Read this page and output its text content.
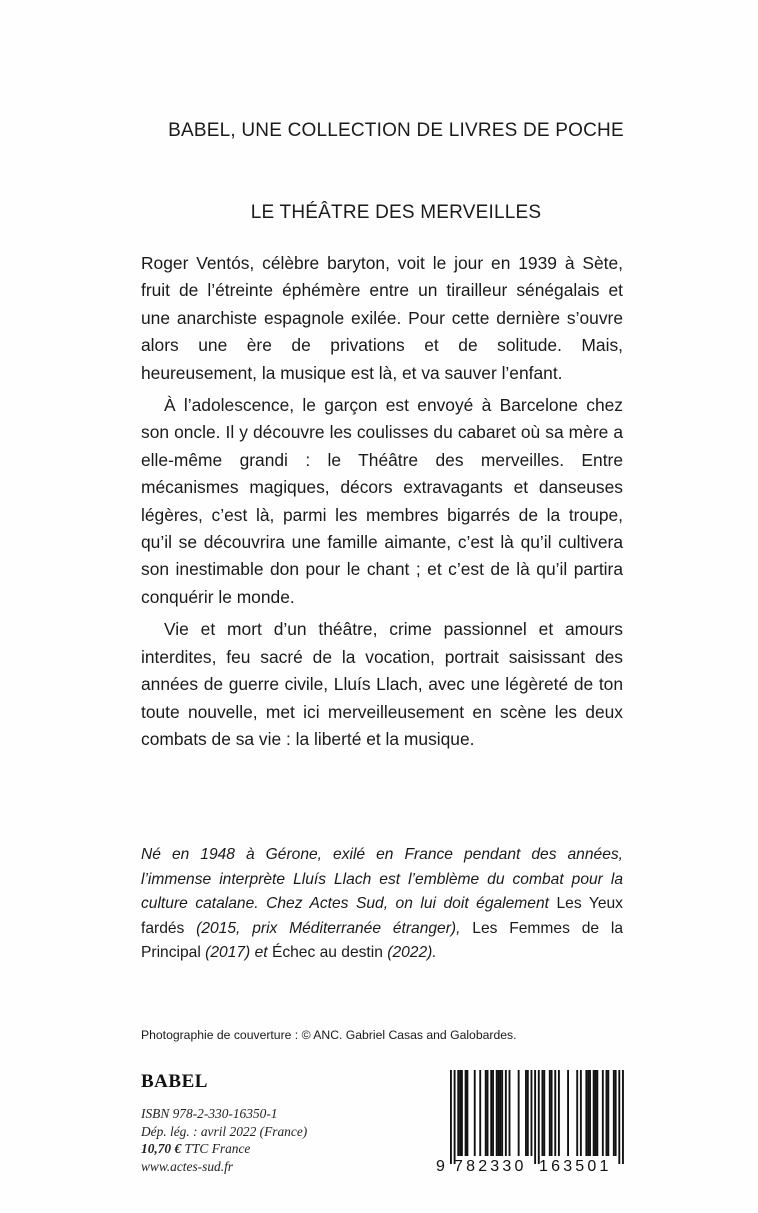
BABEL, UNE COLLECTION DE LIVRES DE POCHE
LE THÉÂTRE DES MERVEILLES

Roger Ventós, célèbre baryton, voit le jour en 1939 à Sète, fruit de l’étreinte éphémère entre un tirailleur sénégalais et une anarchiste espagnole exilée. Pour cette dernière s’ouvre alors une ère de privations et de solitude. Mais, heureusement, la musique est là, et va sauver l’enfant.

À l’adolescence, le garçon est envoyé à Barcelone chez son oncle. Il y découvre les coulisses du cabaret où sa mère a elle-même grandi : le Théâtre des merveilles. Entre mécanismes magiques, décors extravagants et danseuses légères, c’est là, parmi les membres bigarrés de la troupe, qu’il se découvrira une famille aimante, c’est là qu’il cultivera son inestimable don pour le chant ; et c’est de là qu’il partira conquérir le monde.

Vie et mort d’un théâtre, crime passionnel et amours interdites, feu sacré de la vocation, portrait saisissant des années de guerre civile, Lluís Llach, avec une légèreté de ton toute nouvelle, met ici merveilleusement en scène les deux combats de sa vie : la liberté et la musique.

Né en 1948 à Gérone, exilé en France pendant des années, l’immense interprète Lluís Llach est l’emblème du combat pour la culture catalane. Chez Actes Sud, on lui doit également Les Yeux fardés (2015, prix Méditerranée étranger), Les Femmes de la Principal (2017) et Échec au destin (2022).
Photographie de couverture : © ANC. Gabriel Casas and Galobardes.
BABEL
ISBN 978-2-330-16350-1
Dép. lég. : avril 2022 (France)
10,70 € TTC France
www.actes-sud.fr	9 782330 163501
